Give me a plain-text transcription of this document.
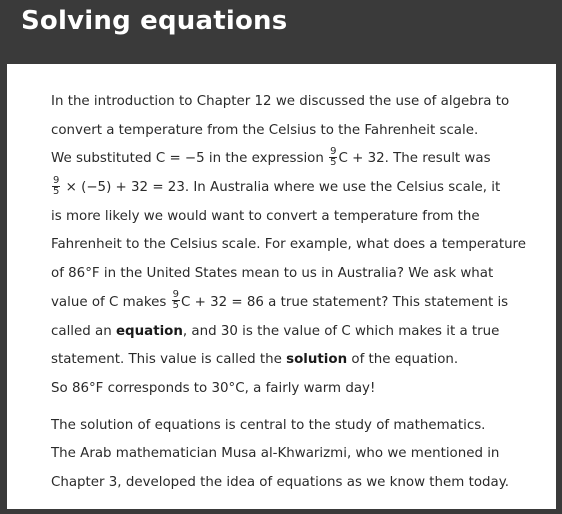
Solving equations
In the introduction to Chapter 12 we discussed the use of algebra to
convert a temperature from the Celsius to the Fahrenheit scale.
We substituted C = −5 in the expression $\frac{9}{5}$ C + 32. The result was
$\frac{9}{5} \times (-5) + 32 = 23$. In Australia where we use the Celsius scale, it
is more likely we would want to convert a temperature from the
Fahrenheit to the Celsius scale. For example, what does a temperature
of 86°F in the United States mean to us in Australia? We ask what
value of C makes $\frac{9}{5}$ C + 32 = 86 a true statement? This statement is
called an equation, and 30 is the value of C which makes it a true
statement. This value is called the solution of the equation.
So 86°F corresponds to 30°C, a fairly warm day!
The solution of equations is central to the study of mathematics.
The Arab mathematician Musa al-Khwarizmi, who we mentioned in
Chapter 3, developed the idea of equations as we know them today.
